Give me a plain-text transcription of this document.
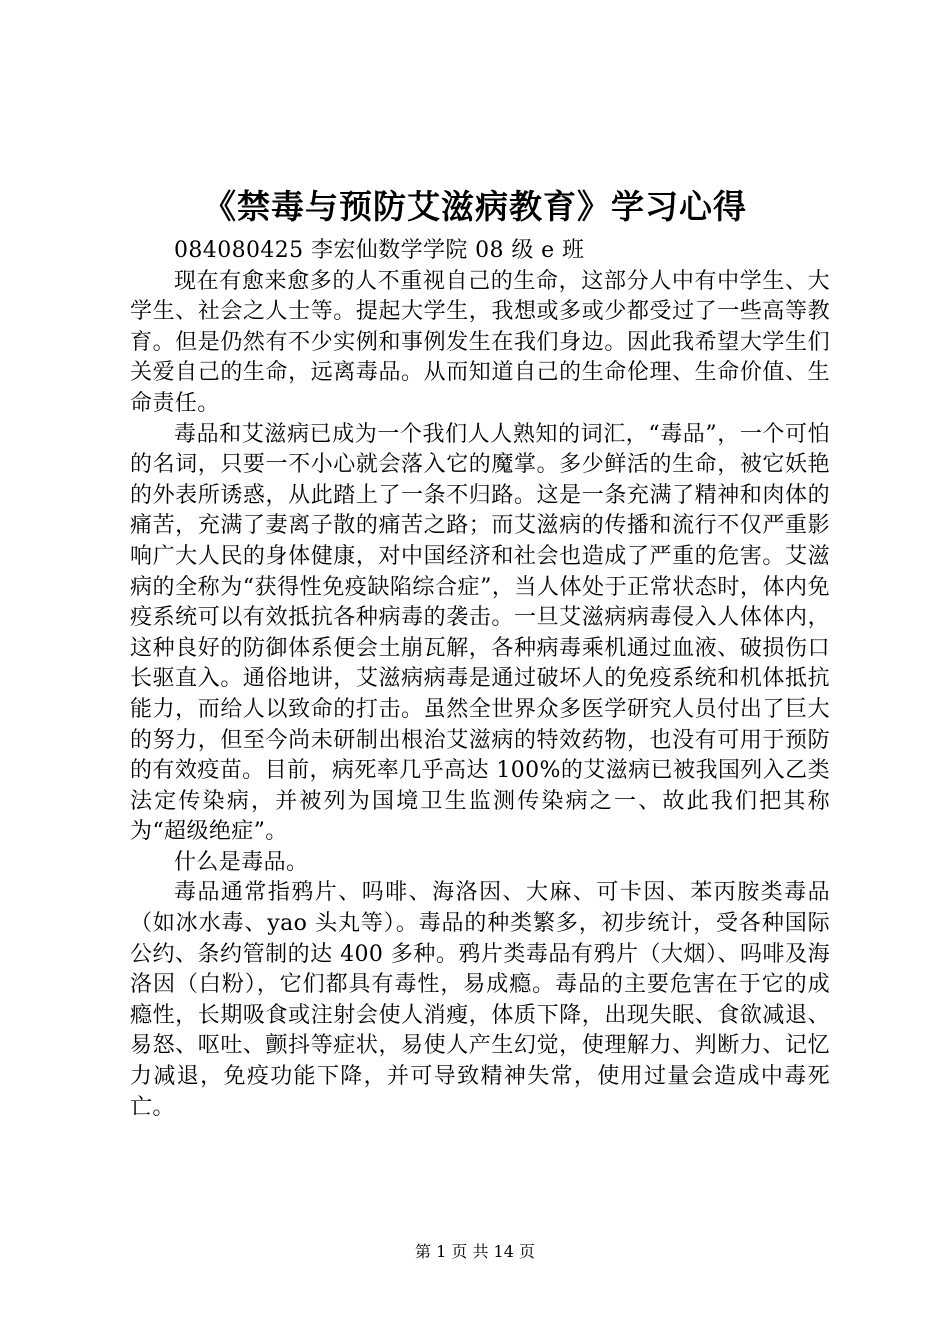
《禁毒与预防艾滋病教育》学习心得

084080425 李宏仙数学学院 08 级 e 班

现在有愈来愈多的人不重视自己的生命，这部分人中有中学生、大学生、社会之人士等。提起大学生，我想或多或少都受过了一些高等教育。但是仍然有不少实例和事例发生在我们身边。因此我希望大学生们关爱自己的生命，远离毒品。从而知道自己的生命伦理、生命价值、生命责任。

毒品和艾滋病已成为一个我们人人熟知的词汇，“毒品”，一个可怕的名词，只要一不小心就会落入它的魔掌。多少鲜活的生命，被它妖艳的外表所诱惑，从此踏上了一条不归路。这是一条充满了精神和肉体的痛苦，充满了妻离子散的痛苦之路；而艾滋病的传播和流行不仅严重影响广大人民的身体健康，对中国经济和社会也造成了严重的危害。艾滋病的全称为“获得性免疫缺陷综合症”，当人体处于正常状态时，体内免疫系统可以有效抵抗各种病毒的袭击。一旦艾滋病病毒侵入人体体内，这种良好的防御体系便会土崩瓦解，各种病毒乘机通过血液、破损伤口长驱直入。通俗地讲，艾滋病病毒是通过破坏人的免疫系统和机体抵抗能力，而给人以致命的打击。虽然全世界众多医学研究人员付出了巨大的努力，但至今尚未研制出根治艾滋病的特效药物，也没有可用于预防的有效疫苗。目前，病死率几乎高达 100%的艾滋病已被我国列入乙类法定传染病，并被列为国境卫生监测传染病之一、故此我们把其称为“超级绝症”。

什么是毒品。

毒品通常指鸦片、吗啡、海洛因、大麻、可卡因、苯丙胺类毒品（如冰水毒、yao 头丸等）。毒品的种类繁多，初步统计，受各种国际公约、条约管制的达 400 多种。鸦片类毒品有鸦片（大烟）、吗啡及海洛因（白粉），它们都具有毒性，易成瘾。毒品的主要危害在于它的成瘾性，长期吸食或注射会使人消瘦，体质下降，出现失眠、食欲减退、易怒、呕吐、颤抖等症状，易使人产生幻觉，使理解力、判断力、记忆力减退，免疫功能下降，并可导致精神失常，使用过量会造成中毒死亡。

第 1 页 共 14 页
